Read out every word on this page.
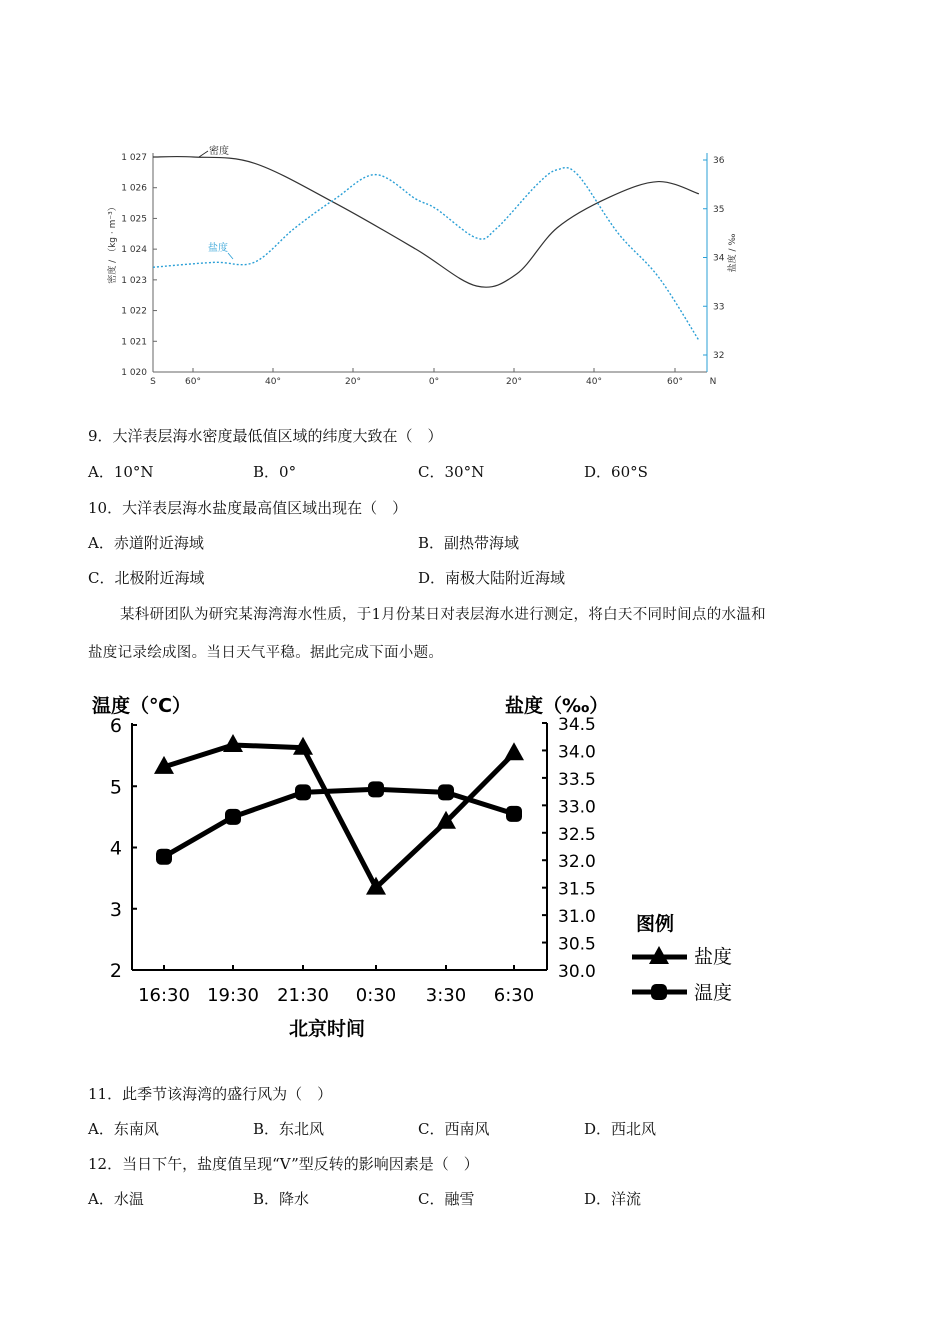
1 027
1 026
1 025
1 024
1 023
1 022
1 021
1 020
36
35
34
33
32
S	60°	40°	20°	0°	20°	40°	60°	N
密度
盐度
密度 / （kg · m⁻³）	盐度 / ‰
9．大洋表层海水密度最低值区域的纬度大致在（　）
A．10°N	B．0°	C．30°N	D．60°S
10．大洋表层海水盐度最高值区域出现在（　）
A．赤道附近海域	B．副热带海域
C．北极附近海域	D．南极大陆附近海域
某科研团队为研究某海湾海水性质，于1月份某日对表层海水进行测定，将白天不同时间点的水温和
盐度记录绘成图。当日天气平稳。据此完成下面小题。
6
5
4
3
2
34.5
34.0
33.5
33.0
32.5
32.0
31.5
31.0
30.5
30.0
16:30 19:30 21:30 0:30 3:30 6:30
温度（℃）	盐度（‰）
北京时间
图例
盐度
温度
11．此季节该海湾的盛行风为（　）
A．东南风	B．东北风	C．西南风	D．西北风
12．当日下午，盐度值呈现“V”型反转的影响因素是（　）
A．水温	B．降水	C．融雪	D．洋流
